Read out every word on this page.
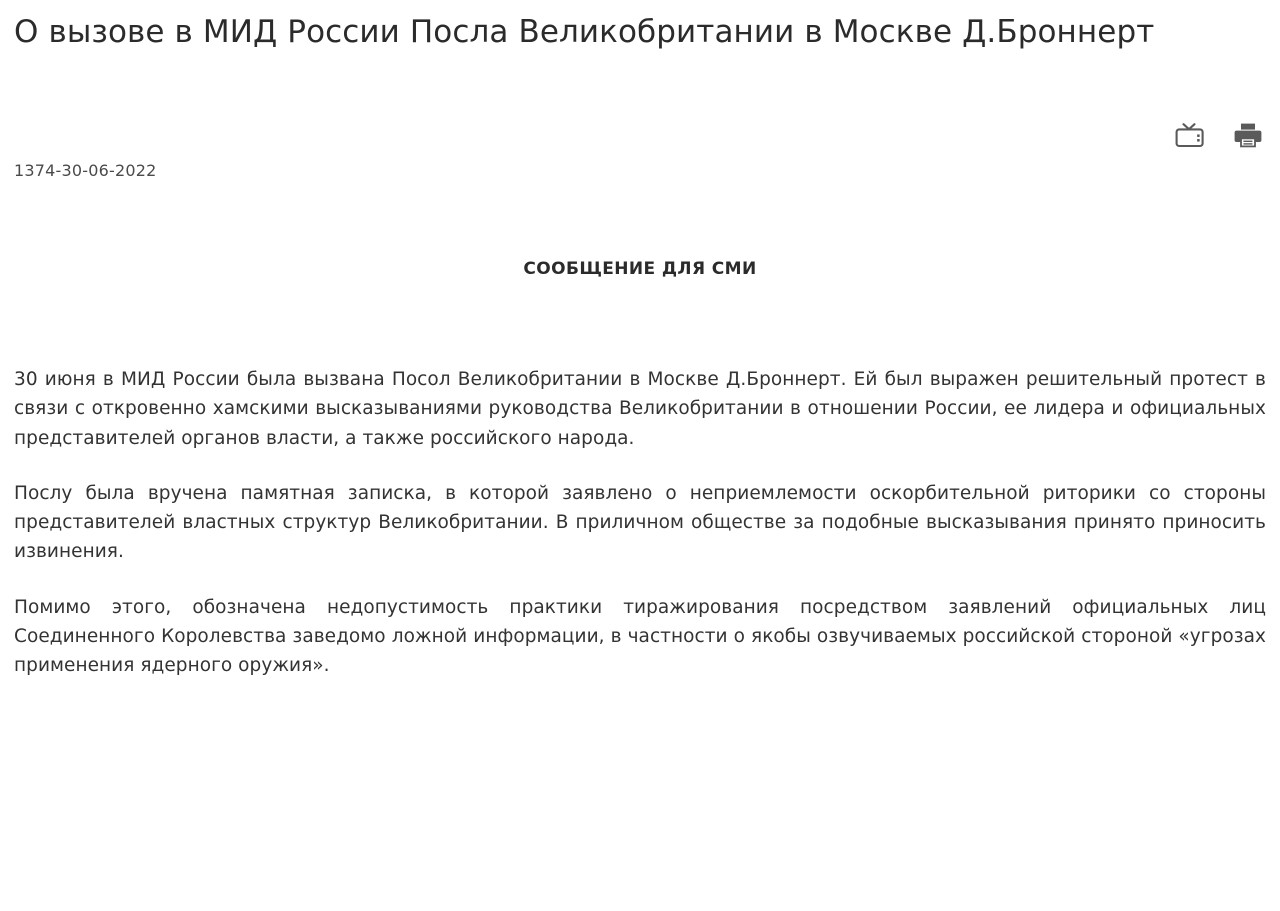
О вызове в МИД России Посла Великобритании в Москве Д.Броннерт
1374-30-06-2022
СООБЩЕНИЕ ДЛЯ СМИ

30 июня в МИД России была вызвана Посол Великобритании в Москве Д.Броннерт. Ей был выражен решительный протест в связи с откровенно хамскими высказываниями руководства Великобритании в отношении России, ее лидера и официальных представителей органов власти, а также российского народа.

Послу была вручена памятная записка, в которой заявлено о неприемлемости оскорбительной риторики со стороны представителей властных структур Великобритании. В приличном обществе за подобные высказывания принято приносить извинения.

Помимо этого, обозначена недопустимость практики тиражирования посредством заявлений официальных лиц Соединенного Королевства заведомо ложной информации, в частности о якобы озвучиваемых российской стороной «угрозах применения ядерного оружия».
